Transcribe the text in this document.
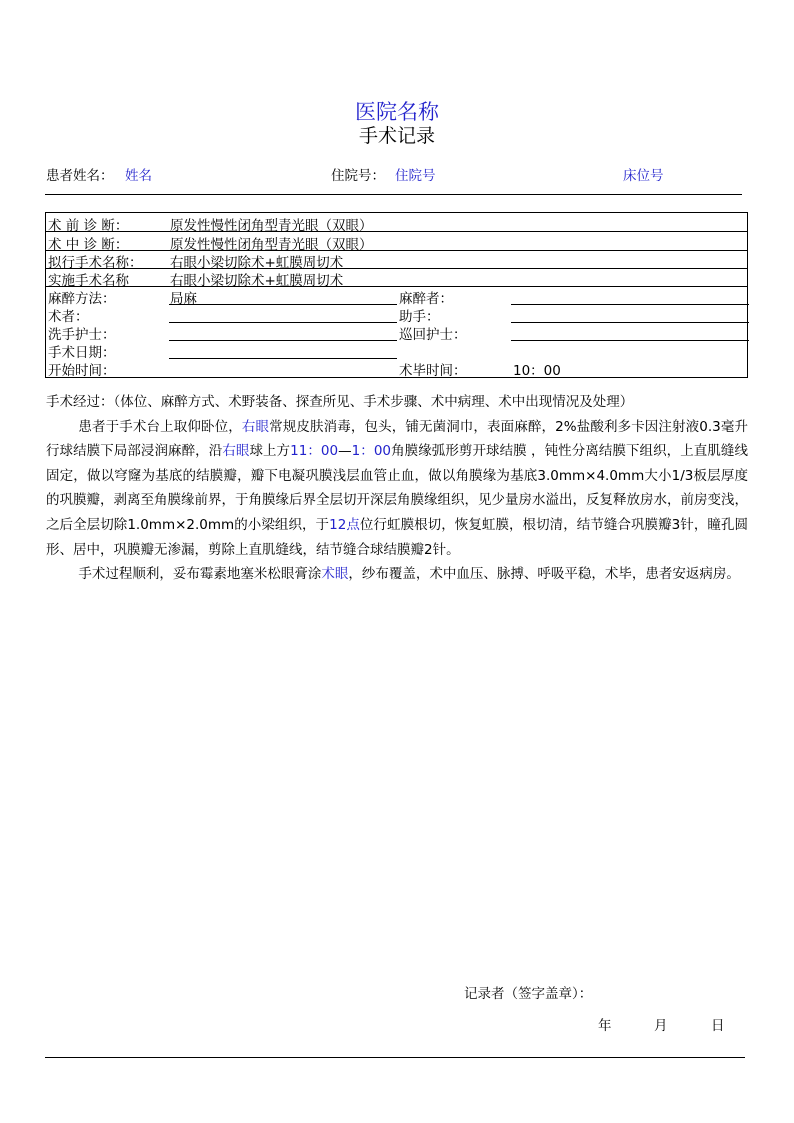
医院名称
手术记录
患者姓名： 姓名	住院号： 住院号	床位号
术 前 诊 断：	原发性慢性闭角型青光眼（双眼）
术 中 诊 断：	原发性慢性闭角型青光眼（双眼）
拟行手术名称： 右眼小梁切除术+虹膜周切术
实施手术名称	右眼小梁切除术+虹膜周切术
麻醉方法：	局麻	麻醉者：
术者：	助手：
洗手护士：	巡回护士：
手术日期：
开始时间：	术毕时间：	10：00

手术经过：（体位、麻醉方式、术野装备、探查所见、手术步骤、术中病理、术中出现情况及处理）

患者于手术台上取仰卧位，右眼常规皮肤消毒，包头，铺无菌洞巾，表面麻醉，2%盐酸利多卡因注射液0.3毫升行球结膜下局部浸润麻醉，沿右眼球上方11：00—1：00角膜缘弧形剪开球结膜 ，钝性分离结膜下组织，上直肌缝线固定，做以穹窿为基底的结膜瓣，瓣下电凝巩膜浅层血管止血，做以角膜缘为基底3.0mm×4.0mm大小1/3板层厚度的巩膜瓣，剥离至角膜缘前界，于角膜缘后界全层切开深层角膜缘组织，见少量房水溢出，反复释放房水，前房变浅，之后全层切除1.0mm×2.0mm的小梁组织，于12点位行虹膜根切，恢复虹膜，根切清，结节缝合巩膜瓣3针，瞳孔圆形、居中，巩膜瓣无渗漏，剪除上直肌缝线，结节缝合球结膜瓣2针。

手术过程顺利，妥布霉素地塞米松眼膏涂术眼，纱布覆盖，术中血压、脉搏、呼吸平稳，术毕，患者安返病房。

记录者（签字盖章）：
年	月	日
